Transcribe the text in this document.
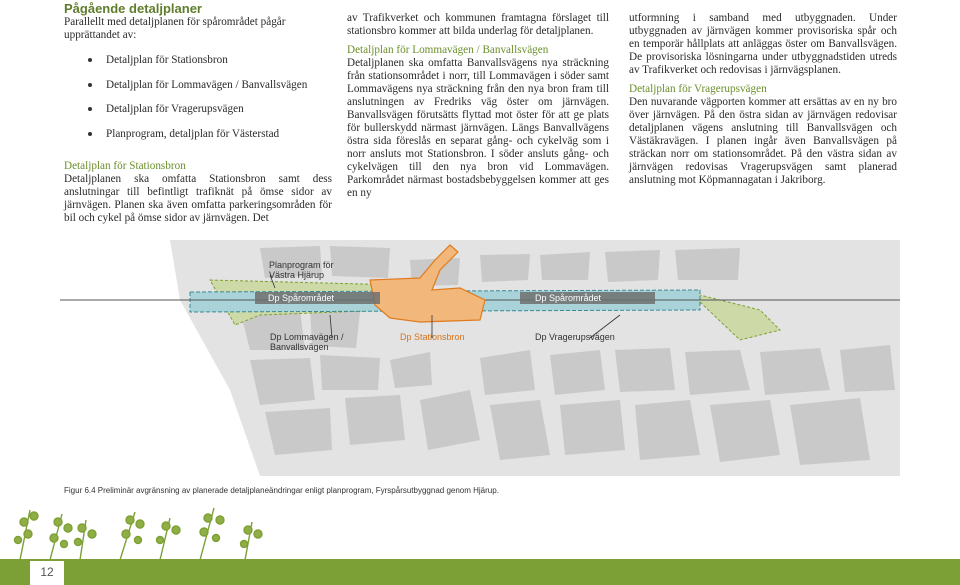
Pågående detaljplaner
Parallellt med detaljplanen för spårområdet pågår upprättandet av:
Detaljplan för Stationsbron
Detaljplan för Lommavägen / Banvallsvägen
Detaljplan för Vragerupsvägen
Planprogram, detaljplan för Västerstad
Detaljplan för Stationsbron

Detaljplanen ska omfatta Stationsbron samt dess anslutningar till befintligt trafiknät på ömse sidor av järnvägen. Planen ska även omfatta parkeringsområden för bil och cykel på ömse sidor av järnvägen. Det

av Trafikverket och kommunen framtagna förslaget till stationsbro kommer att bilda underlag för detaljplanen.

Detaljplan för Lommavägen / Banvallsvägen

Detaljplanen ska omfatta Banvallsvägens nya sträckning från stationsområdet i norr, till Lommavägen i söder samt Lommavägens nya sträckning från den nya bron fram till anslutningen av Fredriks väg öster om järnvägen. Banvallsvägen förutsätts flyttad mot öster för att ge plats för bullerskydd närmast järnvägen. Längs Banvallvägens östra sida föreslås en separat gång- och cykelväg som i norr ansluts mot Stationsbron. I söder ansluts gång- och cykelvägen till den nya bron vid Lommavägen. Parkområdet närmast bostadsbebyggelsen kommer att ges en ny

utformning i samband med utbyggnaden. Under utbyggnaden av järnvägen kommer provisoriska spår och en temporär hållplats att anläggas öster om Banvallsvägen. De provisoriska lösningarna under utbyggnadstiden utreds av Trafikverket och redovisas i järnvägsplanen.

Detaljplan för Vragerupsvägen

Den nuvarande vägporten kommer att ersättas av en ny bro över järnvägen. På den östra sidan av järnvägen redovisar detaljplanen vägens anslutning till Banvallsvägen och Västäkravägen. I planen ingår även Banvallsvägen på sträckan norr om stationsområdet. På den västra sidan av järnvägen redovisas Vragerupsvägen samt planerad anslutning mot Köpmannagatan i Jakriborg.

Planprogram för Västra Hjärup
Dp Spårområdet	Dp Spårområdet
Dp Lommavägen / Banvallsvägen
Dp Stationsbron	Dp Vragerupsvägen
Figur 6.4 Preliminär avgränsning av planerade detaljplaneändringar enligt planprogram, Fyrspårsutbyggnad genom Hjärup.
12
